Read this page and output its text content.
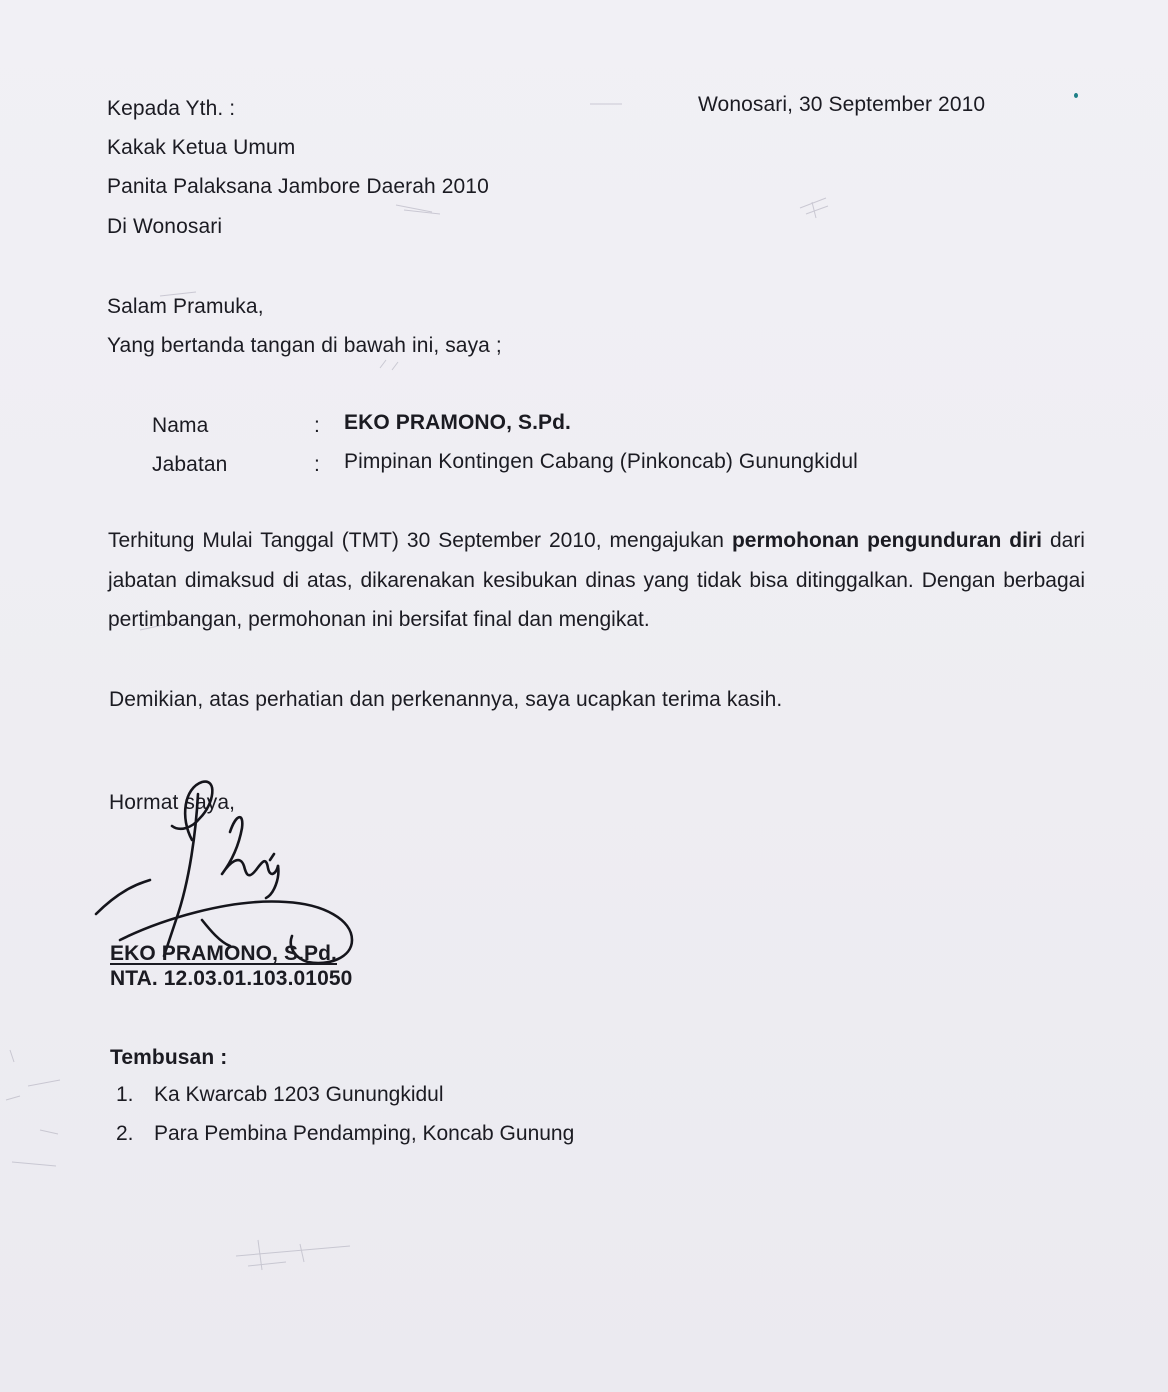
Kepada Yth. :
Kakak Ketua Umum
Panita Palaksana Jambore Daerah 2010
Di Wonosari
Wonosari, 30 September 2010
Salam Pramuka,
Yang bertanda tangan di bawah ini, saya ;
Nama	: EKO PRAMONO, S.Pd.
Jabatan	: Pimpinan Kontingen Cabang (Pinkoncab) Gunungkidul

Terhitung Mulai Tanggal (TMT) 30 September 2010, mengajukan permohonan pengunduran diri dari jabatan dimaksud di atas, dikarenakan kesibukan dinas yang tidak bisa ditinggalkan. Dengan berbagai pertimbangan, permohonan ini bersifat final dan mengikat.

Demikian, atas perhatian dan perkenannya, saya ucapkan terima kasih.
Hormat saya,
EKO PRAMONO, S.Pd.
NTA. 12.03.01.103.01050
Tembusan :
1. Ka Kwarcab 1203 Gunungkidul
2. Para Pembina Pendamping, Koncab Gunung
